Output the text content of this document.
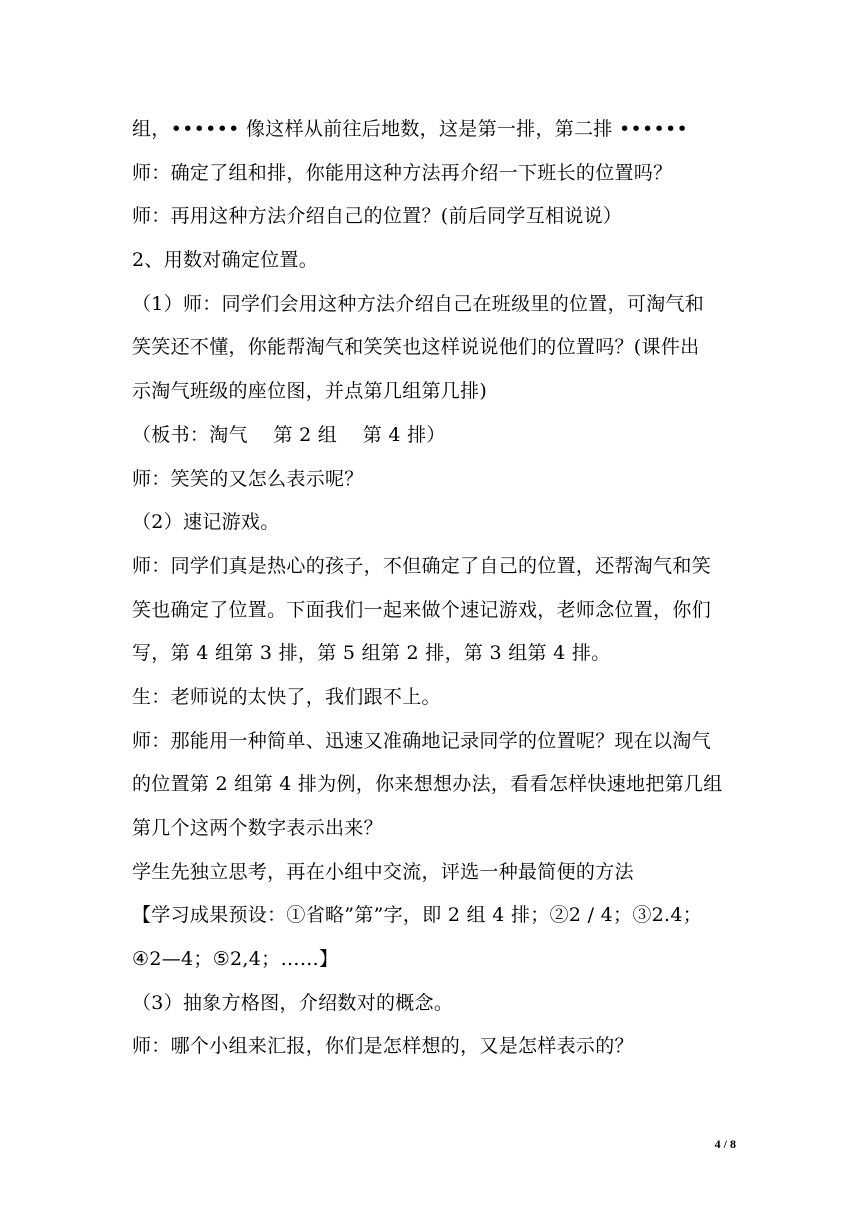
组，•••••• 像这样从前往后地数，这是第一排，第二排 ••••••
师：确定了组和排，你能用这种方法再介绍一下班长的位置吗？
师：再用这种方法介绍自己的位置？(前后同学互相说说）
2、用数对确定位置。
（1）师：同学们会用这种方法介绍自己在班级里的位置，可淘气和
笑笑还不懂，你能帮淘气和笑笑也这样说说他们的位置吗？(课件出
示淘气班级的座位图，并点第几组第几排)
（板书：淘气　 第 2 组　 第 4 排）
师：笑笑的又怎么表示呢？
（2）速记游戏。
师：同学们真是热心的孩子，不但确定了自己的位置，还帮淘气和笑
笑也确定了位置。下面我们一起来做个速记游戏，老师念位置，你们
写，第 4 组第 3 排，第 5 组第 2 排，第 3 组第 4 排。
生：老师说的太快了，我们跟不上。
师：那能用一种简单、迅速又准确地记录同学的位置呢？现在以淘气
的位置第 2 组第 4 排为例，你来想想办法，看看怎样快速地把第几组
第几个这两个数字表示出来？
学生先独立思考，再在小组中交流，评选一种最简便的方法
【学习成果预设：①省略”第”字，即 2 组 4 排；②2 / 4；③2.4；
④2—4；⑤2,4；……】
（3）抽象方格图，介绍数对的概念。
师：哪个小组来汇报，你们是怎样想的，又是怎样表示的？
4 / 8
